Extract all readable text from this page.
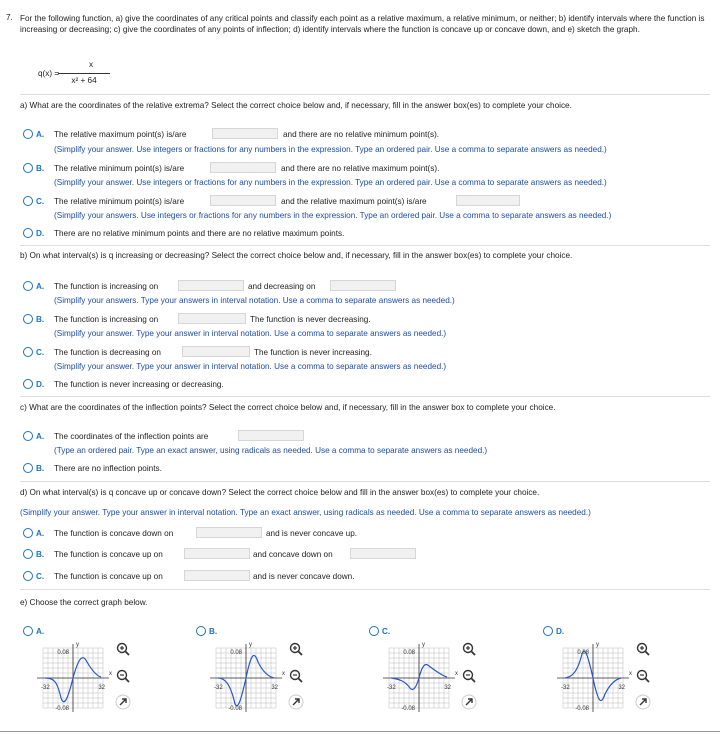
7. For the following function, a) give the coordinates of any critical points and classify each point as a relative maximum, a relative minimum, or neither; b) identify intervals where the function is increasing or decreasing; c) give the coordinates of any points of inflection; d) identify intervals where the function is concave up or concave down, and e) sketch the graph.
q(x) =
x
x² + 64
a) What are the coordinates of the relative extrema? Select the correct choice below and, if necessary, fill in the answer box(es) to complete your choice.
A. The relative maximum point(s) is/are	and there are no relative minimum point(s).
(Simplify your answer. Use integers or fractions for any numbers in the expression. Type an ordered pair. Use a comma to separate answers as needed.)
B. The relative minimum point(s) is/are	and there are no relative maximum point(s).
(Simplify your answer. Use integers or fractions for any numbers in the expression. Type an ordered pair. Use a comma to separate answers as needed.)
C. The relative minimum point(s) is/are	and the relative maximum point(s) is/are
(Simplify your answers. Use integers or fractions for any numbers in the expression. Type an ordered pair. Use a comma to separate answers as needed.)
D. There are no relative minimum points and there are no relative maximum points.
b) On what interval(s) is q increasing or decreasing? Select the correct choice below and, if necessary, fill in the answer box(es) to complete your choice.
A. The function is increasing on	and decreasing on
(Simplify your answers. Type your answers in interval notation. Use a comma to separate answers as needed.)
B. The function is increasing on	The function is never decreasing.
(Simplify your answer. Type your answer in interval notation. Use a comma to separate answers as needed.)
C. The function is decreasing on	The function is never increasing.
(Simplify your answer. Type your answer in interval notation. Use a comma to separate answers as needed.)
D. The function is never increasing or decreasing.
c) What are the coordinates of the inflection points? Select the correct choice below and, if necessary, fill in the answer box to complete your choice.
A. The coordinates of the inflection points are
(Type an ordered pair. Type an exact answer, using radicals as needed. Use a comma to separate answers as needed.)
B. There are no inflection points.
d) On what interval(s) is q concave up or concave down? Select the correct choice below and fill in the answer box(es) to complete your choice.
(Simplify your answer. Type your answer in interval notation. Type an exact answer, using radicals as needed. Use a comma to separate answers as needed.)
A. The function is concave down on	and is never concave up.
B. The function is concave up on	and concave down on
C. The function is concave up on	and is never concave down.
e) Choose the correct graph below.
A.
y
x
0.08
-0.08
-32	32
B.
y
x
0.08
-0.08
-32	32
C.
y
x
0.08
-0.08
-32	32
D.
y
x
0.08
-0.08
-32	32
